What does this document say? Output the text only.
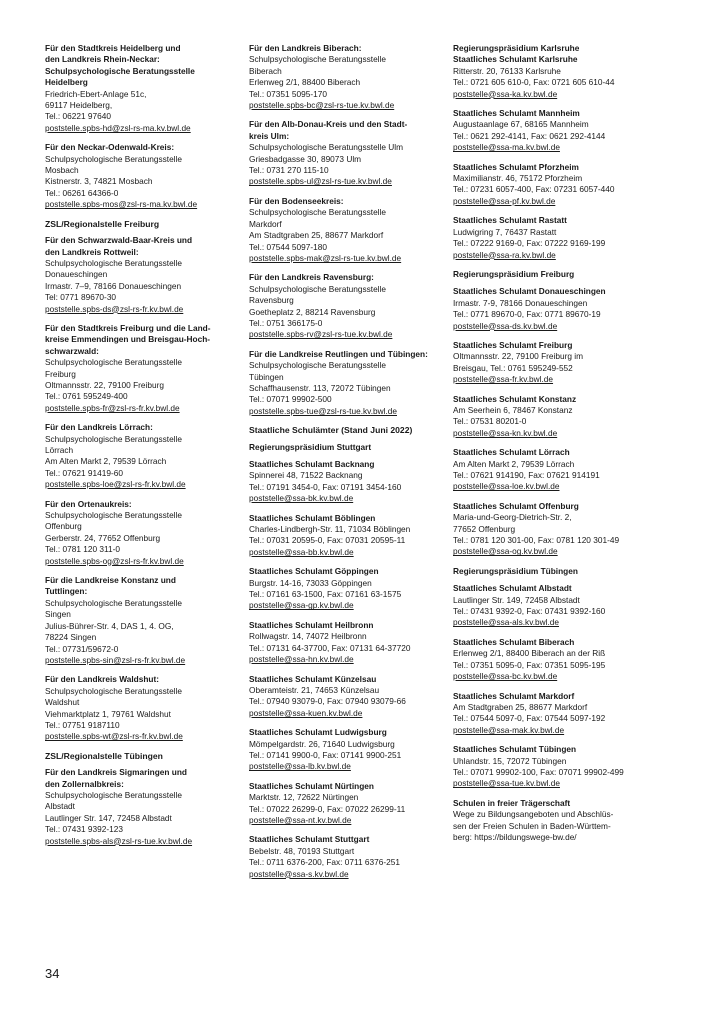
Für den Stadtkreis Heidelberg und
den Landkreis Rhein-Neckar:
Schulpsychologische Beratungsstelle
Heidelberg
Friedrich-Ebert-Anlage 51c,
69117 Heidelberg,
Tel.: 06221 97640
poststelle.spbs-hd@zsl-rs-ma.kv.bwl.de
Für den Neckar-Odenwald-Kreis:
Schulpsychologische Beratungsstelle
Mosbach
Kistnerstr. 3, 74821 Mosbach
Tel.: 06261 64366-0
poststelle.spbs-mos@zsl-rs-ma.kv.bwl.de
ZSL/Regionalstelle Freiburg
Für den Schwarzwald-Baar-Kreis und
den Landkreis Rottweil:
Schulpsychologische Beratungsstelle
Donaueschingen
Irmastr. 7–9, 78166 Donaueschingen
Tel: 0771 89670-30
poststelle.spbs-ds@zsl-rs-fr.kv.bwl.de
Für den Stadtkreis Freiburg und die Land-
kreise Emmendingen und Breisgau-Hoch-
schwarzwald:
Schulpsychologische Beratungsstelle
Freiburg
Oltmannsstr. 22, 79100 Freiburg
Tel.: 0761 595249-400
poststelle.spbs-fr@zsl-rs-fr.kv.bwl.de
Für den Landkreis Lörrach:
Schulpsychologische Beratungsstelle
Lörrach
Am Alten Markt 2, 79539 Lörrach
Tel.: 07621 91419-60
poststelle.spbs-loe@zsl-rs-fr.kv.bwl.de
Für den Ortenaukreis:
Schulpsychologische Beratungsstelle
Offenburg
Gerberstr. 24, 77652 Offenburg
Tel.: 0781 120 311-0
poststelle.spbs-og@zsl-rs-fr.kv.bwl.de
Für die Landkreise Konstanz und
Tuttlingen:
Schulpsychologische Beratungsstelle
Singen
Julius-Bührer-Str. 4, DAS 1, 4. OG,
78224 Singen
Tel.: 07731/59672-0
poststelle.spbs-sin@zsl-rs-fr.kv.bwl.de
Für den Landkreis Waldshut:
Schulpsychologische Beratungsstelle
Waldshut
Viehmarktplatz 1, 79761 Waldshut
Tel.: 07751 9187110
poststelle.spbs-wt@zsl-rs-fr.kv.bwl.de
ZSL/Regionalstelle Tübingen
Für den Landkreis Sigmaringen und
den Zollernalbkreis:
Schulpsychologische Beratungsstelle
Albstadt
Lautlinger Str. 147, 72458 Albstadt
Tel.: 07431 9392-123
poststelle.spbs-als@zsl-rs-tue.kv.bwl.de
Für den Landkreis Biberach:
Schulpsychologische Beratungsstelle
Biberach
Erlenweg 2/1, 88400 Biberach
Tel.: 07351 5095-170
poststelle.spbs-bc@zsl-rs-tue.kv.bwl.de
Für den Alb-Donau-Kreis und den Stadt-
kreis Ulm:
Schulpsychologische Beratungsstelle Ulm
Griesbadgasse 30, 89073 Ulm
Tel.: 0731 270 115-10
poststelle.spbs-ul@zsl-rs-tue.kv.bwl.de
Für den Bodenseekreis:
Schulpsychologische Beratungsstelle
Markdorf
Am Stadtgraben 25, 88677 Markdorf
Tel.: 07544 5097-180
poststelle.spbs-mak@zsl-rs-tue.kv.bwl.de
Für den Landkreis Ravensburg:
Schulpsychologische Beratungsstelle
Ravensburg
Goetheplatz 2, 88214 Ravensburg
Tel.: 0751 366175-0
poststelle.spbs-rv@zsl-rs-tue.kv.bwl.de
Für die Landkreise Reutlingen und Tübingen:
Schulpsychologische Beratungsstelle
Tübingen
Schaffhausenstr. 113, 72072 Tübingen
Tel.: 07071 99902-500
poststelle.spbs-tue@zsl-rs-tue.kv.bwl.de
Staatliche Schulämter (Stand Juni 2022)
Regierungspräsidium Stuttgart
Staatliches Schulamt Backnang
Spinnerei 48, 71522 Backnang
Tel.: 07191 3454-0, Fax: 07191 3454-160
poststelle@ssa-bk.kv.bwl.de
Staatliches Schulamt Böblingen
Charles-Lindbergh-Str. 11, 71034 Böblingen
Tel.: 07031 20595-0, Fax: 07031 20595-11
poststelle@ssa-bb.kv.bwl.de
Staatliches Schulamt Göppingen
Burgstr. 14-16, 73033 Göppingen
Tel.: 07161 63-1500, Fax: 07161 63-1575
poststelle@ssa-gp.kv.bwl.de
Staatliches Schulamt Heilbronn
Rollwagstr. 14, 74072 Heilbronn
Tel.: 07131 64-37700, Fax: 07131 64-37720
poststelle@ssa-hn.kv.bwl.de
Staatliches Schulamt Künzelsau
Oberamteistr. 21, 74653 Künzelsau
Tel.: 07940 93079-0, Fax: 07940 93079-66
poststelle@ssa-kuen.kv.bwl.de
Staatliches Schulamt Ludwigsburg
Mömpelgardstr. 26, 71640 Ludwigsburg
Tel.: 07141 9900-0, Fax: 07141 9900-251
poststelle@ssa-lb.kv.bwl.de
Staatliches Schulamt Nürtingen
Marktstr. 12, 72622 Nürtingen
Tel.: 07022 26299-0, Fax: 07022 26299-11
poststelle@ssa-nt.kv.bwl.de
Staatliches Schulamt Stuttgart
Bebelstr. 48, 70193 Stuttgart
Tel.: 0711 6376-200, Fax: 0711 6376-251
poststelle@ssa-s.kv.bwl.de
Regierungspräsidium Karlsruhe
Staatliches Schulamt Karlsruhe
Ritterstr. 20, 76133 Karlsruhe
Tel.: 0721 605 610-0, Fax: 0721 605 610-44
poststelle@ssa-ka.kv.bwl.de
Staatliches Schulamt Mannheim
Augustaanlage 67, 68165 Mannheim
Tel.: 0621 292-4141, Fax: 0621 292-4144
poststelle@ssa-ma.kv.bwl.de
Staatliches Schulamt Pforzheim
Maximilianstr. 46, 75172 Pforzheim
Tel.: 07231 6057-400, Fax: 07231 6057-440
poststelle@ssa-pf.kv.bwl.de
Staatliches Schulamt Rastatt
Ludwigring 7, 76437 Rastatt
Tel.: 07222 9169-0, Fax: 07222 9169-199
poststelle@ssa-ra.kv.bwl.de
Regierungspräsidium Freiburg
Staatliches Schulamt Donaueschingen
Irmastr. 7-9, 78166 Donaueschingen
Tel.: 0771 89670-0, Fax: 0771 89670-19
poststelle@ssa-ds.kv.bwl.de
Staatliches Schulamt Freiburg
Oltmannsstr. 22, 79100 Freiburg im
Breisgau, Tel.: 0761 595249-552
poststelle@ssa-fr.kv.bwl.de
Staatliches Schulamt Konstanz
Am Seerhein 6, 78467 Konstanz
Tel.: 07531 80201-0
poststelle@ssa-kn.kv.bwl.de
Staatliches Schulamt Lörrach
Am Alten Markt 2, 79539 Lörrach
Tel.: 07621 914190, Fax: 07621 914191
poststelle@ssa-loe.kv.bwl.de
Staatliches Schulamt Offenburg
Maria-und-Georg-Dietrich-Str. 2,
77652 Offenburg
Tel.: 0781 120 301-00, Fax: 0781 120 301-49
poststelle@ssa-og.kv.bwl.de
Regierungspräsidium Tübingen
Staatliches Schulamt Albstadt
Lautlinger Str. 149, 72458 Albstadt
Tel.: 07431 9392-0, Fax: 07431 9392-160
poststelle@ssa-als.kv.bwl.de
Staatliches Schulamt Biberach
Erlenweg 2/1, 88400 Biberach an der Riß
Tel.: 07351 5095-0, Fax: 07351 5095-195
poststelle@ssa-bc.kv.bwl.de
Staatliches Schulamt Markdorf
Am Stadtgraben 25, 88677 Markdorf
Tel.: 07544 5097-0, Fax: 07544 5097-192
poststelle@ssa-mak.kv.bwl.de
Staatliches Schulamt Tübingen
Uhlandstr. 15, 72072 Tübingen
Tel.: 07071 99902-100, Fax: 07071 99902-499
poststelle@ssa-tue.kv.bwl.de
Schulen in freier Trägerschaft
Wege zu Bildungsangeboten und Abschlüs-
sen der Freien Schulen in Baden-Württem-
berg: https://bildungswege-bw.de/
34
